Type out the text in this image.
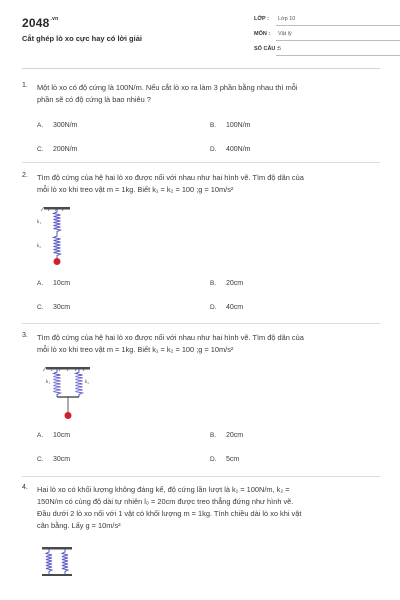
$2048^{.vn}$
Cắt ghép lò xo cực hay có lời giải
LỚP : Lớp 10
MÔN : Vật lý
SỐ CÂU : 5
1. Một lò xo có độ cứng là 100N/m. Nếu cắt lò xo ra làm 3 phần bằng nhau thì mỗi
phần sẽ có độ cứng là bao nhiêu ?
A. 300N/m	B. 100N/m
C. 200N/m	D. 400N/m
2. Tìm độ cứng của hệ hai lò xo được nối với nhau như hai hình vẽ. Tìm độ dãn của
mỗi lò xo khi treo vật m = 1kg. Biết k₁ = k₂ = 100 ;g = 10m/s²
k₁
k₂
A. 10cm	B. 20cm
C. 30cm	D. 40cm
3. Tìm độ cứng của hệ hai lò xo được nối với nhau như hai hình vẽ. Tìm độ dãn của
mỗi lò xo khi treo vật m = 1kg. Biết k₁ = k₂ = 100 ;g = 10m/s²
k₁	k₂
A. 10cm	B. 20cm
C. 30cm	D. 5cm
4. Hai lò xo có khối lượng không đáng kể, độ cứng lần lượt là k₁ = 100N/m, k₂ =
150N/m có cùng độ dài tự nhiên l₀ = 20cm được treo thẳng đứng như hình vẽ.
Đầu dưới 2 lò xo nối với 1 vật có khối lượng m = 1kg. Tính chiều dài lò xo khi vật
cân bằng. Lấy g = 10m/s²
